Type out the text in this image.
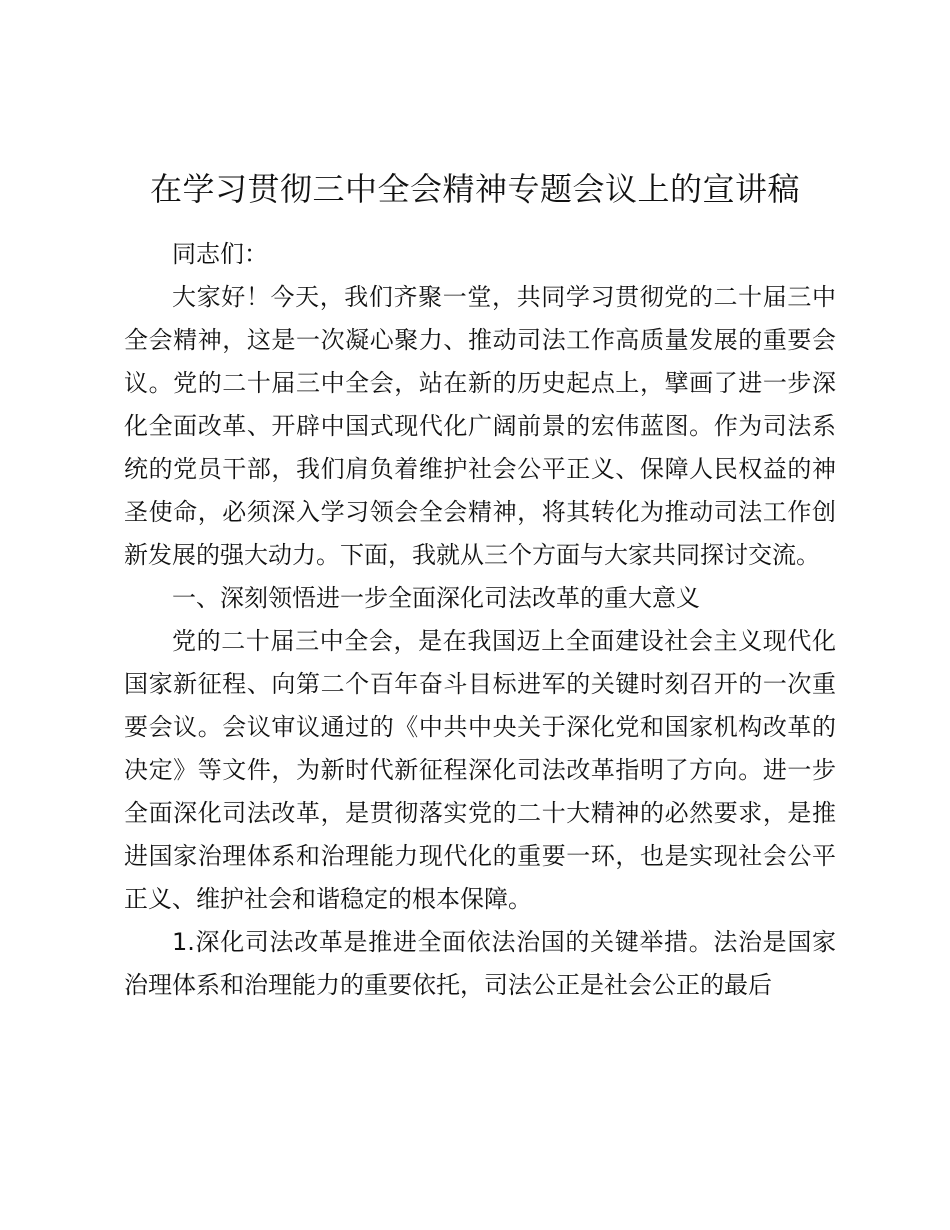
在学习贯彻三中全会精神专题会议上的宣讲稿

同志们：

大家好！今天，我们齐聚一堂，共同学习贯彻党的二十届三中全会精神，这是一次凝心聚力、推动司法工作高质量发展的重要会议。党的二十届三中全会，站在新的历史起点上，擘画了进一步深化全面改革、开辟中国式现代化广阔前景的宏伟蓝图。作为司法系统的党员干部，我们肩负着维护社会公平正义、保障人民权益的神圣使命，必须深入学习领会全会精神，将其转化为推动司法工作创新发展的强大动力。下面，我就从三个方面与大家共同探讨交流。

一、深刻领悟进一步全面深化司法改革的重大意义

党的二十届三中全会，是在我国迈上全面建设社会主义现代化国家新征程、向第二个百年奋斗目标进军的关键时刻召开的一次重要会议。会议审议通过的《中共中央关于深化党和国家机构改革的决定》等文件，为新时代新征程深化司法改革指明了方向。进一步全面深化司法改革，是贯彻落实党的二十大精神的必然要求，是推进国家治理体系和治理能力现代化的重要一环，也是实现社会公平正义、维护社会和谐稳定的根本保障。

1.深化司法改革是推进全面依法治国的关键举措。法治是国家治理体系和治理能力的重要依托，司法公正是社会公正的最后
